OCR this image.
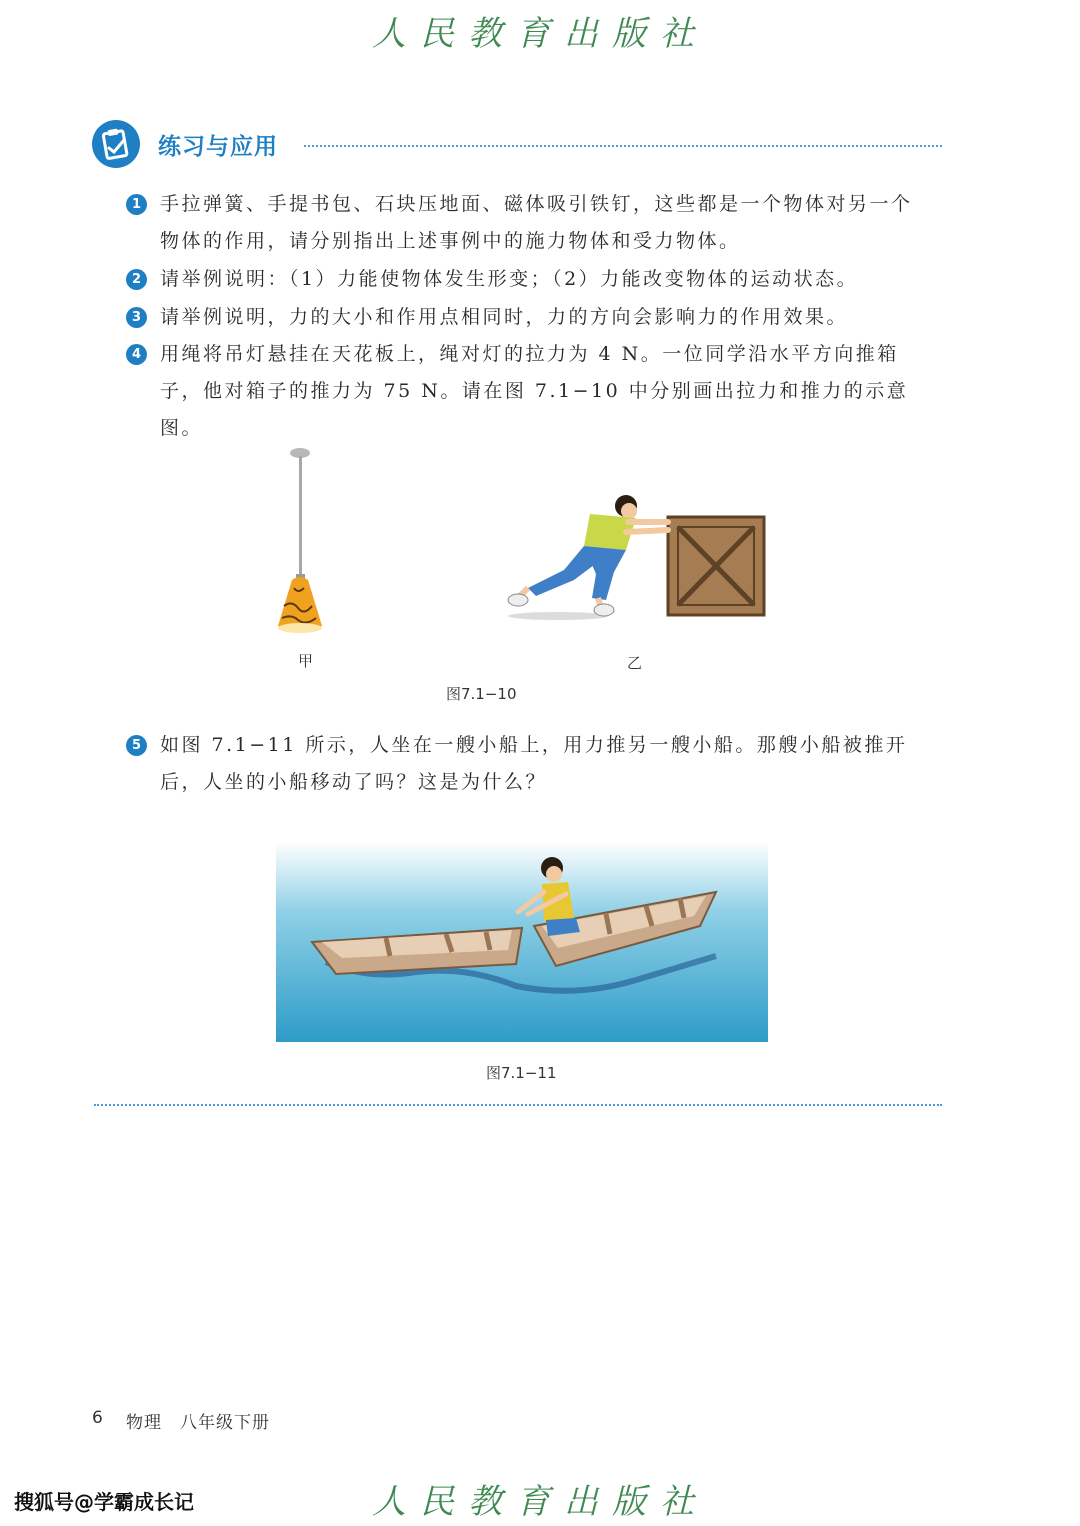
人民教育出版社
练习与应用
1 手拉弹簧、手提书包、石块压地面、磁体吸引铁钉，这些都是一个物体对另一个物体的作用，请分别指出上述事例中的施力物体和受力物体。
2 请举例说明：（1）力能使物体发生形变；（2）力能改变物体的运动状态。
3 请举例说明，力的大小和作用点相同时，力的方向会影响力的作用效果。
4 用绳将吊灯悬挂在天花板上，绳对灯的拉力为 4 N。一位同学沿水平方向推箱子，他对箱子的推力为 75 N。请在图 7.1−10 中分别画出拉力和推力的示意图。
甲	乙
图7.1−10
5 如图 7.1−11 所示，人坐在一艘小船上，用力推另一艘小船。那艘小船被推开后，人坐的小船移动了吗？这是为什么？
图7.1−11
6 物理　八年级下册
人民教育出版社
搜狐号@学霸成长记
